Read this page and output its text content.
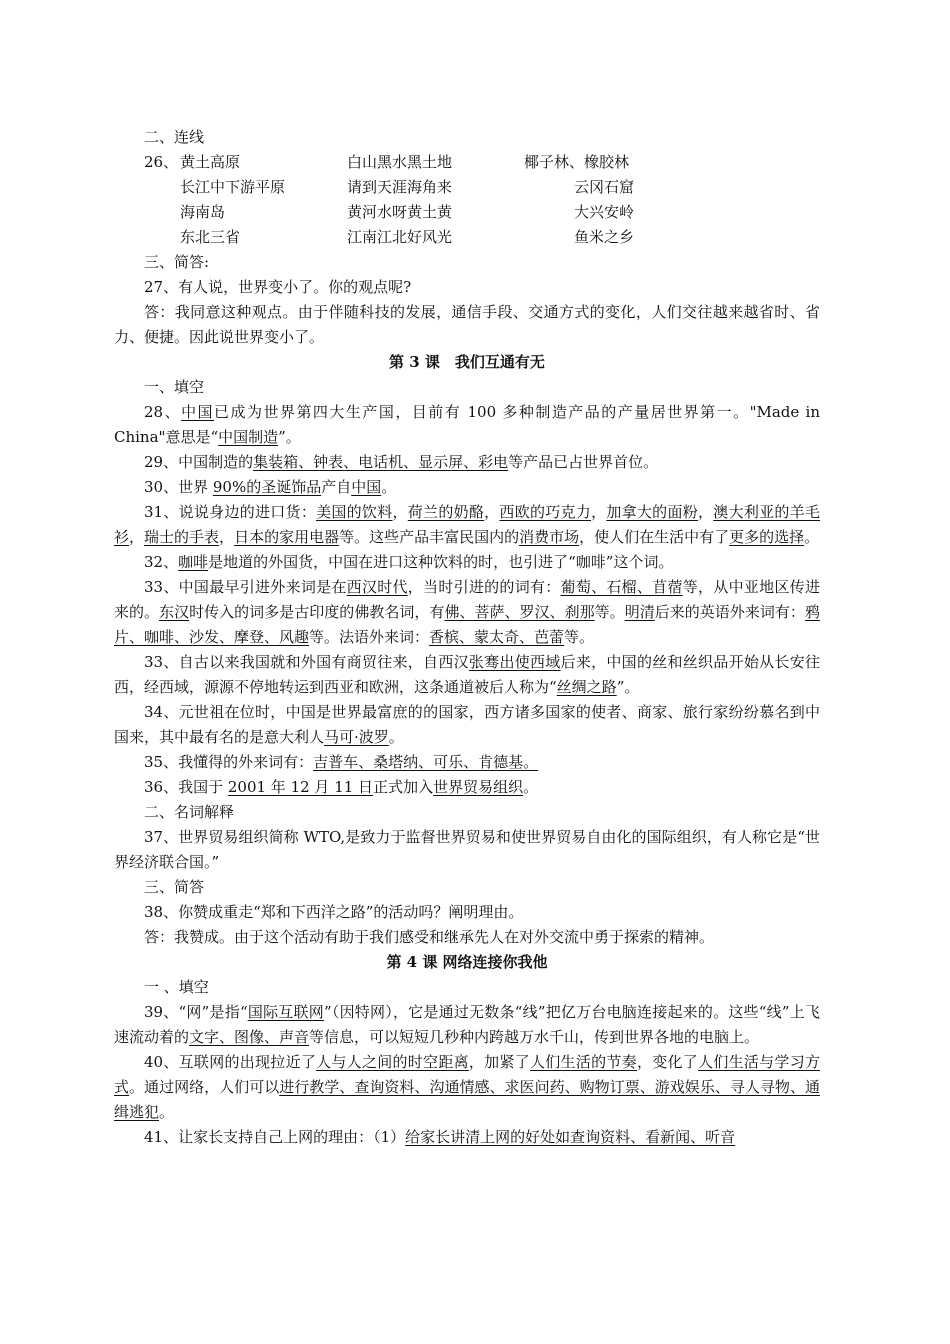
二、连线

26、 黄土高原
长江中下游平原
海南岛
东北三省
白山黑水黑土地
请到天涯海角来
黄河水呀黄土黄
江南江北好风光
椰子林、橡胶林
云冈石窟
大兴安岭
鱼米之乡

三、简答:

27、有人说，世界变小了。你的观点呢?

答：我同意这种观点。由于伴随科技的发展，通信手段、交通方式的变化，人们交往越来越省时、省力、便捷。因此说世界变小了。

第 3 课　我们互通有无

一、填空

28、中国已成为世界第四大生产国，目前有 100 多种制造产品的产量居世界第一。"Made in China"意思是“中国制造”。

29、中国制造的集装箱、钟表、电话机、显示屏、彩电等产品已占世界首位。

30、世界 90%的圣诞饰品产自中国。

31、说说身边的进口货：美国的饮料，荷兰的奶酪，西欧的巧克力，加拿大的面粉，澳大利亚的羊毛衫，瑞士的手表，日本的家用电器等。这些产品丰富民国内的消费市场，使人们在生活中有了更多的选择。

32、咖啡是地道的外国货，中国在进口这种饮料的时，也引进了“咖啡”这个词。

33、中国最早引进外来词是在西汉时代，当时引进的的词有：葡萄、石榴、苜蓿等，从中亚地区传进来的。东汉时传入的词多是古印度的佛教名词，有佛、菩萨、罗汉、刹那等。明清后来的英语外来词有：鸦片、咖啡、沙发、摩登、风趣等。法语外来词：香槟、蒙太奇、芭蕾等。

33、自古以来我国就和外国有商贸往来，自西汉张骞出使西域后来，中国的丝和丝织品开始从长安往西，经西域，源源不停地转运到西亚和欧洲，这条通道被后人称为“丝绸之路”。

34、元世祖在位时，中国是世界最富庶的的国家，西方诸多国家的使者、商家、旅行家纷纷慕名到中国来，其中最有名的是意大利人马可·波罗。

35、我懂得的外来词有：吉普车、桑塔纳、可乐、肯德基。

36、我国于 2001 年 12 月 11 日正式加入世界贸易组织。

二、名词解释

37、世界贸易组织简称 WTO,是致力于监督世界贸易和使世界贸易自由化的国际组织，有人称它是“世界经济联合国。”

三、简答

38、你赞成重走“郑和下西洋之路”的活动吗？阐明理由。

答：我赞成。由于这个活动有助于我们感受和继承先人在对外交流中勇于探索的精神。

第 4 课 网络连接你我他

一 、填空

39、“网”是指“国际互联网”（因特网），它是通过无数条“线”把亿万台电脑连接起来的。这些“线”上飞速流动着的文字、图像、声音等信息，可以短短几秒种内跨越万水千山，传到世界各地的电脑上。

40、互联网的出现拉近了人与人之间的时空距离，加紧了人们生活的节奏，变化了人们生活与学习方式。通过网络，人们可以进行教学、查询资料、沟通情感、求医问药、购物订票、游戏娱乐、寻人寻物、通缉逃犯。

41、让家长支持自己上网的理由：（1）给家长讲清上网的好处如查询资料、看新闻、听音
